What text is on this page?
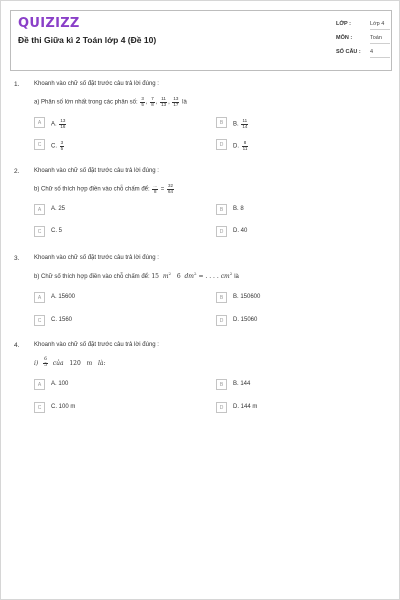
QUIZIZZ
Đề thi Giữa kì 2 Toán lớp 4 (Đề 10)
LỚP :	Lớp 4
MÔN :	Toán
SỐ CÂU : 4
1. Khoanh vào chữ số đặt trước câu trả lời đúng :
a) Phân số lớn nhất trong các phân số: $\frac{3}{5}$ , $\frac{7}{8}$ , $\frac{11}{13}$ , $\frac{13}{17}$ là
A	A. $\frac{13}{16}$	B	B. $\frac{11}{14}$
C	C. $\frac{3}{5}$	D	D. $\frac{8}{11}$
2. Khoanh vào chữ số đặt trước câu trả lời đúng :
b) Chữ số thích hợp điền vào chỗ chấm để: $\frac{...}{8} = \frac{32}{64}$
A	A. 25	B	B. 8
C	C. 5	D	D. 40
3. Khoanh vào chữ số đặt trước câu trả lời đúng :
b) Chữ số thích hợp điền vào chỗ chấm để: 15 $m^2$ 6 $dm^2$ = . . . . $cm^2$ là
A	A. 15600	B	B. 150600
C	C. 1560	D	D. 15060
4. Khoanh vào chữ số đặt trước câu trả lời đúng :
$i) \frac{6}{5}$ của 120 m là:
A	A. 100	B	B. 144
C	C. 100 m	D	D. 144 m
